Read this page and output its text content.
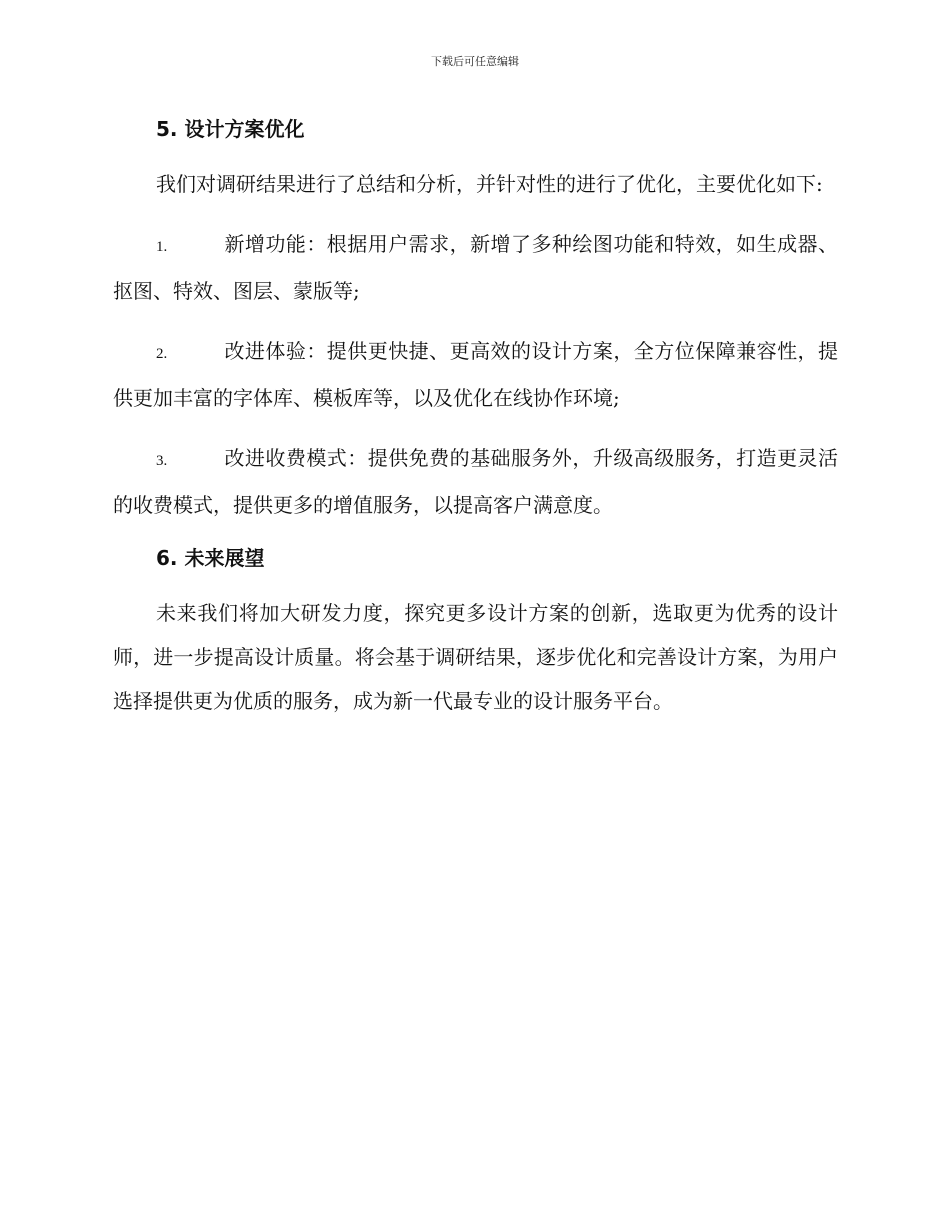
下载后可任意编辑
5. 设计方案优化

我们对调研结果进行了总结和分析，并针对性的进行了优化，主要优化如下:

1.	新增功能：根据用户需求，新增了多种绘图功能和特效，如生成器、抠图、特效、图层、蒙版等;

2.	改进体验：提供更快捷、更高效的设计方案，全方位保障兼容性，提供更加丰富的字体库、模板库等，以及优化在线协作环境;

3.	改进收费模式：提供免费的基础服务外，升级高级服务，打造更灵活的收费模式，提供更多的增值服务，以提高客户满意度。

6. 未来展望

未来我们将加大研发力度，探究更多设计方案的创新，选取更为优秀的设计师，进一步提高设计质量。将会基于调研结果，逐步优化和完善设计方案，为用户选择提供更为优质的服务，成为新一代最专业的设计服务平台。
